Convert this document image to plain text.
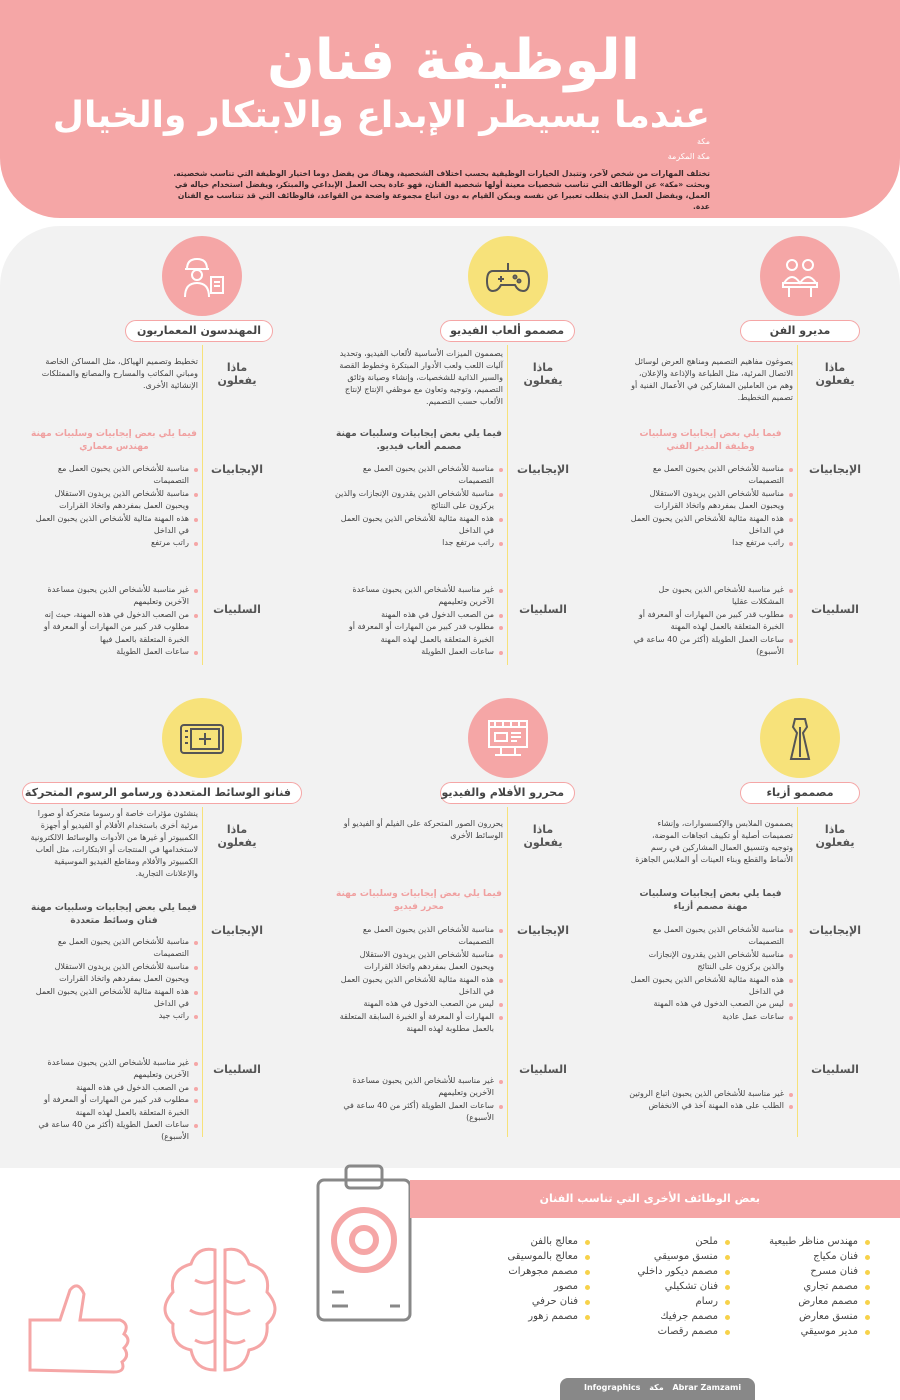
الوظيفة فنان
عندما يسيطر الإبداع والابتكار والخيال
مكة
مكة المكرمة
تختلف المهارات من شخص لآخر، وتتبدل الخيارات الوظيفية بحسب اختلاف الشخصية، وهناك من يفضل دوما اختيار الوظيفة التي تناسب شخصيته. وبحثت «مكة» عن الوظائف التي تناسب شخصيات معينة أولها شخصية الفنان، فهو عادة يحب العمل الإبداعي والمبتكر، ويفضل استخدام خياله في العمل، ويفضل العمل الذي يتطلب تعبيرا عن نفسه ويمكن القيام به دون اتباع مجموعة واضحة من القواعد، فالوظائف التي قد تتناسب مع الفنان عدة.
مديرو الفن
ماذا يفعلون
يصوغون مفاهيم التصميم ومناهج العرض لوسائل الاتصال المرئية، مثل الطباعة والإذاعة والإعلان، وهم من العاملين المشاركين في الأعمال الفنية أو تصميم التخطيط.
فيما يلي بعض إيجابيات وسلبيات وظيفة المدير الفني
الإيجابيات
مناسبة للأشخاص الذين يحبون العمل مع التصميمات
مناسبة للأشخاص الذين يريدون الاستقلال ويحبون العمل بمفردهم واتخاذ القرارات
هذه المهنة مثالية للأشخاص الذين يحبون العمل في الداخل
راتب مرتفع جدا
السلبيات
غير مناسبة للأشخاص الذين يحبون حل المشكلات عقليا
مطلوب قدر كبير من المهارات أو المعرفة أو الخبرة المتعلقة بالعمل لهذه المهنة
ساعات العمل الطويلة (أكثر من 40 ساعة في الأسبوع)
مصممو ألعاب الفيديو
ماذا يفعلون
يصممون الميزات الأساسية لألعاب الفيديو، وتحديد آليات اللعب ولعب الأدوار المبتكرة وخطوط القصة والسير الذاتية للشخصيات، وإنشاء وصيانة وثائق التصميم، وتوجيه وتعاون مع موظفي الإنتاج لإنتاج الألعاب حسب التصميم.
فيما يلي بعض إيجابيات وسلبيات مهنة مصمم ألعاب فيديو.
الإيجابيات
مناسبة للأشخاص الذين يحبون العمل مع التصميمات
مناسبة للأشخاص الذين يقدرون الإنجازات والذين يركزون على النتائج
هذه المهنة مثالية للأشخاص الذين يحبون العمل في الداخل
راتب مرتفع جدا
السلبيات
غير مناسبة للأشخاص الذين يحبون مساعدة الآخرين وتعليمهم
من الصعب الدخول في هذه المهنة
مطلوب قدر كبير من المهارات أو المعرفة أو الخبرة المتعلقة بالعمل لهذه المهنة
ساعات العمل الطويلة
المهندسون المعماريون
ماذا يفعلون
تخطيط وتصميم الهياكل، مثل المساكن الخاصة ومباني المكاتب والمسارح والمصانع والممتلكات الإنشائية الأخرى.
فيما يلي بعض إيجابيات وسلبيات مهنة مهندس معماري
الإيجابيات
مناسبة للأشخاص الذين يحبون العمل مع التصميمات
مناسبة للأشخاص الذين يريدون الاستقلال ويحبون العمل بمفردهم واتخاذ القرارات
هذه المهنة مثالية للأشخاص الذين يحبون العمل في الداخل
راتب مرتفع
السلبيات
غير مناسبة للأشخاص الذين يحبون مساعدة الآخرين وتعليمهم
من الصعب الدخول في هذه المهنة، حيث إنه مطلوب قدر كبير من المهارات أو المعرفة أو الخبرة المتعلقة بالعمل فيها
ساعات العمل الطويلة
مصممو أزياء
ماذا يفعلون
يصممون الملابس والإكسسوارات، وإنشاء تصميمات أصلية أو تكييف اتجاهات الموضة، وتوجيه وتنسيق العمال المشاركين في رسم الأنماط والقطع وبناء العينات أو الملابس الجاهزة
فيما يلي بعض إيجابيات وسلبيات مهنة مصمم أزياء
الإيجابيات
مناسبة للأشخاص الذين يحبون العمل مع التصميمات
مناسبة للأشخاص الذين يقدرون الإنجازات والذين يركزون على النتائج
هذه المهنة مثالية للأشخاص الذين يحبون العمل في الداخل
ليس من الصعب الدخول في هذه المهنة
ساعات عمل عادية
السلبيات
غير مناسبة للأشخاص الذين يحبون اتباع الروتين
الطلب على هذه المهنة آخذ في الانخفاض
محررو الأفلام والفيديو
ماذا يفعلون
يحررون الصور المتحركة على الفيلم أو الفيديو أو الوسائط الأخرى
فيما يلي بعض إيجابيات وسلبيات مهنة محرر فيديو
الإيجابيات
مناسبة للأشخاص الذين يحبون العمل مع التصميمات
مناسبة للأشخاص الذين يريدون الاستقلال ويحبون العمل بمفردهم واتخاذ القرارات
هذه المهنة مثالية للأشخاص الذين يحبون العمل في الداخل
ليس من الصعب الدخول في هذه المهنة
المهارات أو المعرفة أو الخبرة السابقة المتعلقة بالعمل مطلوبة لهذه المهنة
السلبيات
غير مناسبة للأشخاص الذين يحبون مساعدة الآخرين وتعليمهم
ساعات العمل الطويلة (أكثر من 40 ساعة في الأسبوع)
فنانو الوسائط المتعددة ورسامو الرسوم المتحركة
ماذا يفعلون
ينشئون مؤثرات خاصة أو رسوما متحركة أو صورا مرئية أخرى باستخدام الأفلام أو الفيديو أو أجهزة الكمبيوتر أو غيرها من الأدوات والوسائط الالكترونية لاستخدامها في المنتجات أو الابتكارات، مثل ألعاب الكمبيوتر والأفلام ومقاطع الفيديو الموسيقية والإعلانات التجارية.
فيما يلي بعض إيجابيات وسلبيات مهنة فنان وسائط متعددة
الإيجابيات
مناسبة للأشخاص الذين يحبون العمل مع التصميمات
مناسبة للأشخاص الذين يريدون الاستقلال ويحبون العمل بمفردهم واتخاذ القرارات
هذه المهنة مثالية للأشخاص الذين يحبون العمل في الداخل
راتب جيد
السلبيات
غير مناسبة للأشخاص الذين يحبون مساعدة الآخرين وتعليمهم
من الصعب الدخول في هذه المهنة
مطلوب قدر كبير من المهارات أو المعرفة أو الخبرة المتعلقة بالعمل لهذه المهنة
ساعات العمل الطويلة (أكثر من 40 ساعة في الأسبوع)
بعض الوظائف الأخرى التي تناسب الفنان
مهندس مناظر طبيعية
فنان مكياج
فنان مسرح
مصمم تجاري
مصمم معارض
منسق معارض
مدير موسيقي
ملحن
منسق موسيقي
مصمم ديكور داخلي
فنان تشكيلي
رسام
مصمم جرفيك
مصمم رقصات
معالج بالفن
معالج بالموسيقى
مصمم مجوهرات
مصور
فنان حرفي
مصمم زهور
Infographics مكة Abrar Zamzami
